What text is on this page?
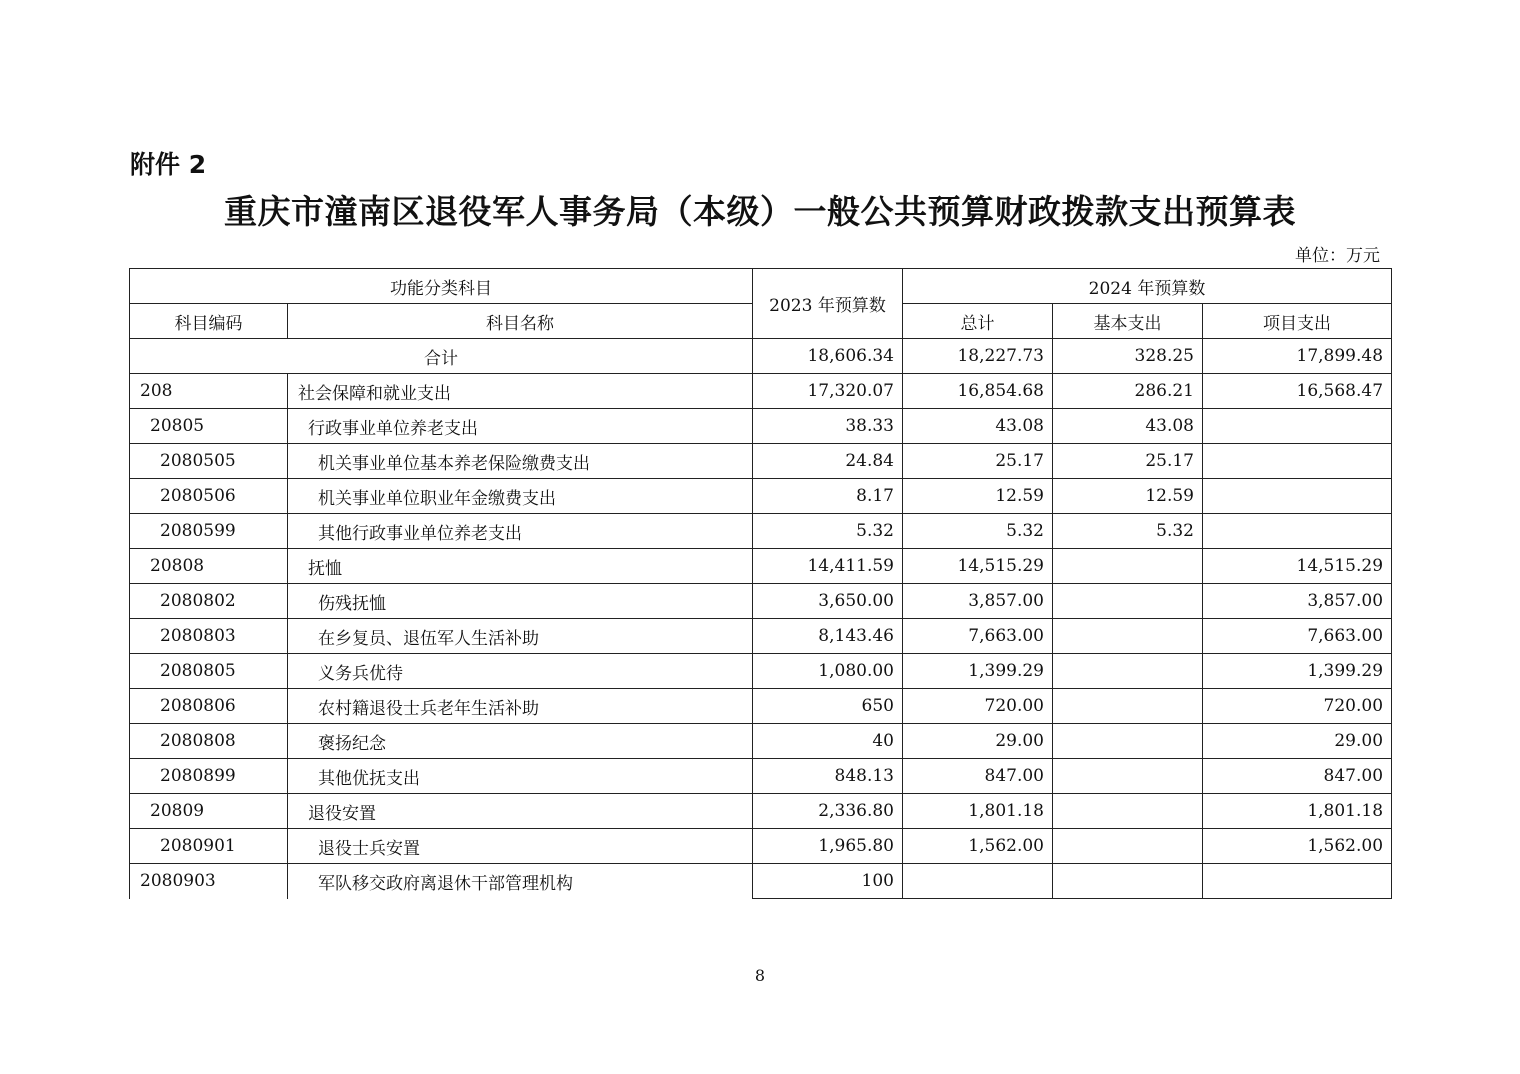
附件 2
重庆市潼南区退役军人事务局（本级）一般公共预算财政拨款支出预算表
单位：万元
功能分类科目		2023 年预算数	2024 年预算数		
科目编码	科目名称		总计	基本支出	项目支出
合计		18,606.34	18,227.73	328.25	17,899.48
208	社会保障和就业支出	17,320.07	16,854.68	286.21	16,568.47
20805	行政事业单位养老支出	38.33	43.08	43.08	
2080505	机关事业单位基本养老保险缴费支出	24.84	25.17	25.17	
2080506	机关事业单位职业年金缴费支出	8.17	12.59	12.59	
2080599	其他行政事业单位养老支出	5.32	5.32	5.32	
20808	抚恤	14,411.59	14,515.29		14,515.29
2080802	伤残抚恤	3,650.00	3,857.00		3,857.00
2080803	在乡复员、退伍军人生活补助	8,143.46	7,663.00		7,663.00
2080805	义务兵优待	1,080.00	1,399.29		1,399.29
2080806	农村籍退役士兵老年生活补助	650	720.00		720.00
2080808	褒扬纪念	40	29.00		29.00
2080899	其他优抚支出	848.13	847.00		847.00
20809	退役安置	2,336.80	1,801.18		1,801.18
2080901	退役士兵安置	1,965.80	1,562.00		1,562.00
2080903	军队移交政府离退休干部管理机构	100			
8
